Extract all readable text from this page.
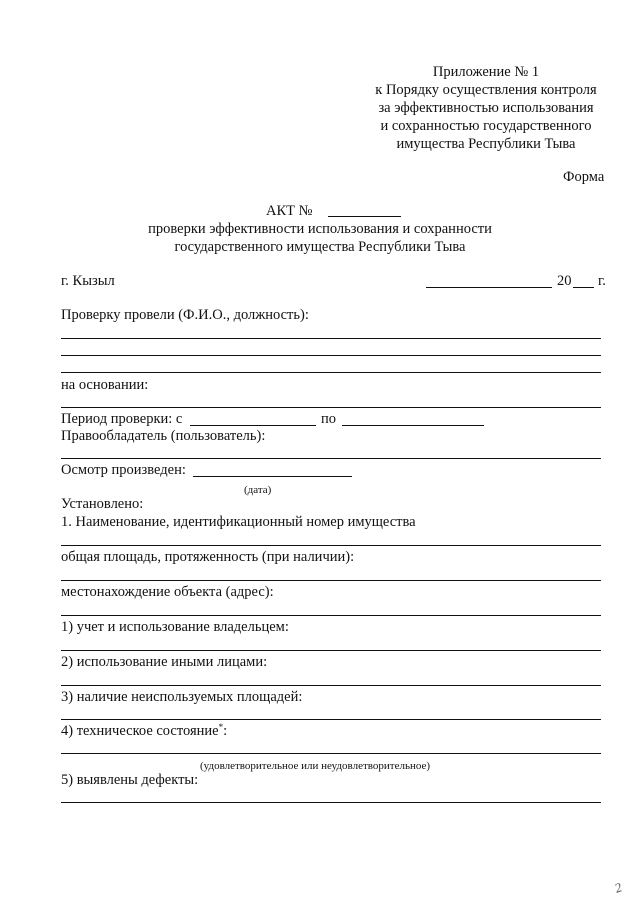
Приложение № 1
к Порядку осуществления контроля
за эффективностью использования
и сохранностью государственного
имущества Республики Тыва
Форма
АКТ №
проверки эффективности использования и сохранности
государственного имущества Республики Тыва
г. Кызыл	20 г.
Проверку провели (Ф.И.О., должность):
на основании:
Период проверки: с	по
Правообладатель (пользователь):
Осмотр произведен:
(дата)
Установлено:
1. Наименование, идентификационный номер имущества
общая площадь, протяженность (при наличии):
местонахождение объекта (адрес):
1) учет и использование владельцем:
2) использование иными лицами:
3) наличие неиспользуемых площадей:
4) техническое состояние*:
(удовлетворительное или неудовлетворительное)
5) выявлены дефекты:
2
